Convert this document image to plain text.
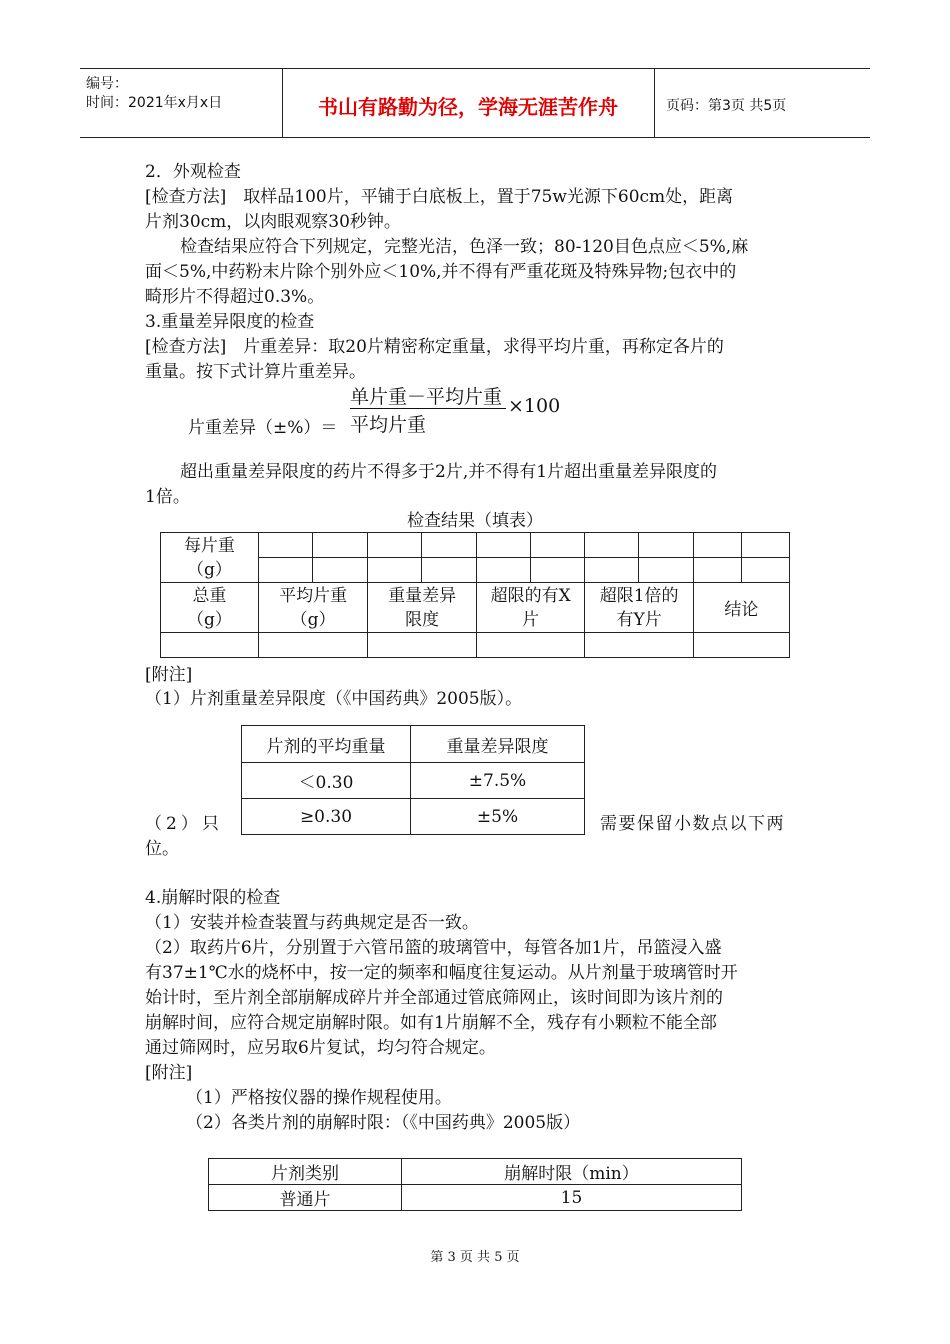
编号：
时间：2021年x月x日	书山有路勤为径，学海无涯苦作舟	页码：第3页 共5页
2．外观检查
[检查方法]　取样品100片，平铺于白底板上，置于75w光源下60cm处，距离
片剂30cm，以肉眼观察30秒钟。
检查结果应符合下列规定，完整光洁，色泽一致；80-120目色点应＜5%,麻
面＜5%,中药粉末片除个别外应＜10%,并不得有严重花斑及特殊异物;包衣中的
畸形片不得超过0.3%。
3.重量差异限度的检查
[检查方法]　片重差异：取20片精密称定重量，求得平均片重，再称定各片的
重量。按下式计算片重差异。
片重差异（±%）＝
单片重－平均片重
平均片重
×100
超出重量差异限度的药片不得多于2片,并不得有1片超出重量差异限度的
1倍。
检查结果（填表）
每片重（g）										

总重（g）	平均片重（g）		重量差异限度		超限的有X片		超限1倍的有Y片		结论	

[附注]
（1）片剂重量差异限度（《中国药典》2005版）。
片剂的平均重量	重量差异限度
＜0.30	±7.5%
≥0.30	±5%
（2）只	需要保留小数点以下两
位。
4.崩解时限的检查
（1）安装并检查装置与药典规定是否一致。
（2）取药片6片，分别置于六管吊篮的玻璃管中，每管各加1片，吊篮浸入盛
有37±1℃水的烧杯中，按一定的频率和幅度往复运动。从片剂量于玻璃管时开
始计时，至片剂全部崩解成碎片并全部通过管底筛网止，该时间即为该片剂的
崩解时间，应符合规定崩解时限。如有1片崩解不全，残存有小颗粒不能全部
通过筛网时，应另取6片复试，均匀符合规定。
[附注]
（1）严格按仪器的操作规程使用。
（2）各类片剂的崩解时限：（《中国药典》2005版）
片剂类别	崩解时限（min）
普通片	15
第 3 页 共 5 页
